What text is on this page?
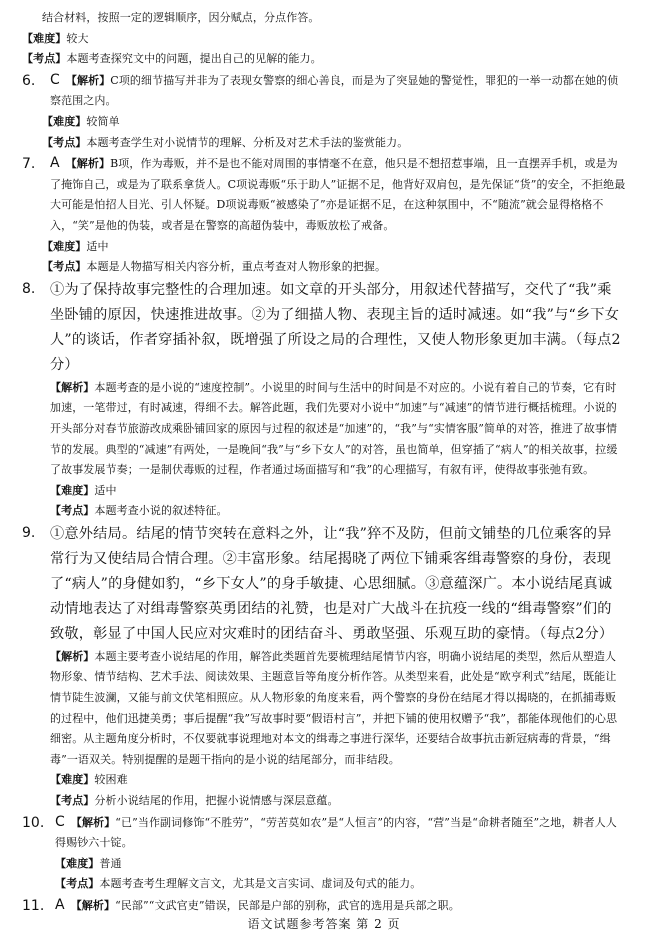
结合材料，按照一定的逻辑顺序，因分赋点，分点作答。

【难度】较大

【考点】本题考查探究文中的问题，提出自己的见解的能力。

6.	C 【解析】C项的细节描写并非为了表现女警察的细心善良，而是为了突显她的警觉性，罪犯的一举一动都在她的侦察范围之内。

【难度】较简单

【考点】本题考查学生对小说情节的理解、分析及对艺术手法的鉴赏能力。

7.	A 【解析】B项，作为毒贩，并不是也不能对周围的事情毫不在意，他只是不想招惹事端，且一直摆弄手机，或是为了掩饰自己，或是为了联系拿货人。C项说毒贩“乐于助人”证据不足，他背好双肩包，是先保证“货”的安全，不拒绝最大可能是怕招人目光、引人怀疑。D项说毒贩“被感染了”亦是证据不足，在这种氛围中，不“随流”就会显得格格不入，“笑”是他的伪装，或者是在警察的高超伪装中，毒贩放松了戒备。

【难度】适中

【考点】本题是人物描写相关内容分析，重点考查对人物形象的把握。

8.	①为了保持故事完整性的合理加速。如文章的开头部分，用叙述代替描写，交代了“我”乘坐卧铺的原因，快速推进故事。②为了细描人物、表现主旨的适时减速。如“我”与“乡下女人”的谈话，作者穿插补叙，既增强了所设之局的合理性，又使人物形象更加丰满。（每点2分）

【解析】本题考查的是小说的“速度控制”。小说里的时间与生活中的时间是不对应的。小说有着自己的节奏，它有时加速，一笔带过，有时减速，得细不去。解答此题，我们先要对小说中“加速”与“减速”的情节进行概括梳理。小说的开头部分对春节旅游改成乘卧铺回家的原因与过程的叙述是“加速”的，“我”与“实情客服”简单的对答，推进了故事情节的发展。典型的“减速”有两处，一是晚间“我”与“乡下女人”的对答，虽也简单，但穿插了“病人”的相关故事，拉缓了故事发展节奏；一是制伏毒贩的过程，作者通过场面描写和“我”的心理描写，有叙有评，使得故事张弛有致。

【难度】适中

【考点】本题考查小说的叙述特征。

9.	①意外结局。结尾的情节突转在意料之外，让“我”猝不及防，但前文铺垫的几位乘客的异常行为又使结局合情合理。②丰富形象。结尾揭晓了两位下铺乘客缉毒警察的身份，表现了“病人”的身健如豹，“乡下女人”的身手敏捷、心思细腻。③意蕴深广。本小说结尾真诚动情地表达了对缉毒警察英勇团结的礼赞，也是对广大战斗在抗疫一线的“缉毒警察”们的致敬，彰显了中国人民应对灾难时的团结奋斗、勇敢坚强、乐观互助的豪情。（每点2分）

【解析】本题主要考查小说结尾的作用，解答此类题首先要梳理结尾情节内容，明确小说结尾的类型，然后从塑造人物形象、情节结构、艺术手法、阅读效果、主题意旨等角度分析作答。从类型来看，此处是“欧亨利式”结尾，既能让情节陡生波澜，又能与前文伏笔相照应。从人物形象的角度来看，两个警察的身份在结尾才得以揭晓的，在抓捕毒贩的过程中，他们迅捷美勇；事后提醒“我”写故事时要“假语村言”，并把下铺的使用权赠予“我”，都能体现他们的心思细密。从主题角度分析时，不仅要就事说理地对本文的缉毒之事进行深华，还要结合故事抗击新冠病毒的背景，“缉毒”一语双关。特别提醒的是题干指向的是小说的结尾部分，而非结段。

【难度】较困难

【考点】分析小说结尾的作用，把握小说情感与深层意蕴。

10. C 【解析】“已”当作副词修饰“不胜劳”，“劳苦莫如农”是“人恒言”的内容，“营”当是“命耕者随至”之地，耕者人人得赐钞六十锭。

【难度】普通

【考点】本题考查考生理解文言文，尤其是文言实词、虚词及句式的能力。

11. A 【解析】“民部”“文武官吏”错误，民部是户部的别称，武官的选用是兵部之职。

语文试题参考答案 第 2 页
